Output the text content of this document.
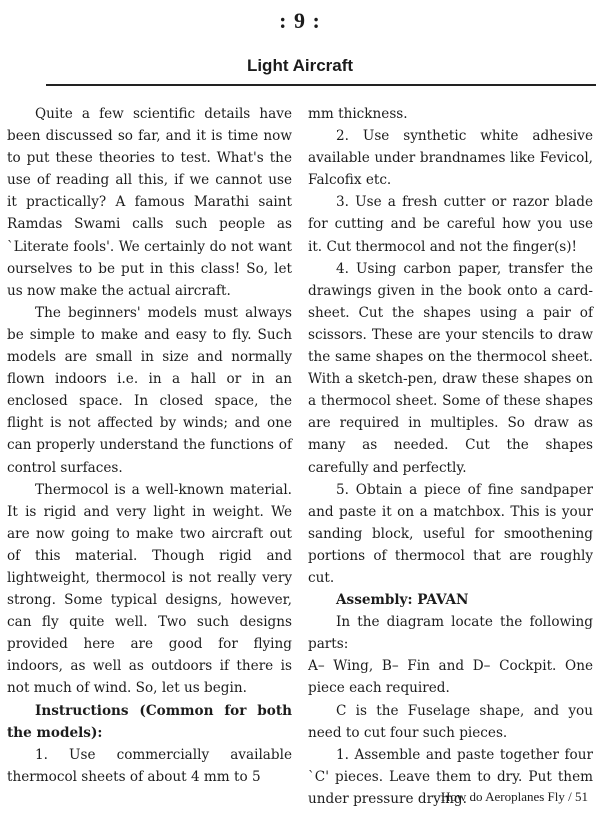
: 9 :
Light Aircraft

Quite a few scientific details have been discussed so far, and it is time now to put these theories to test. What's the use of reading all this, if we cannot use it practically? A famous Marathi saint Ramdas Swami calls such people as `Literate fools'. We certainly do not want ourselves to be put in this class! So, let us now make the actual aircraft.

The beginners' models must always be simple to make and easy to fly. Such models are small in size and normally flown indoors i.e. in a hall or in an enclosed space. In closed space, the flight is not affected by winds; and one can properly understand the functions of control surfaces.

Thermocol is a well-known material. It is rigid and very light in weight. We are now going to make two aircraft out of this material. Though rigid and lightweight, thermocol is not really very strong. Some typical designs, however, can fly quite well. Two such designs provided here are good for flying indoors, as well as outdoors if there is not much of wind. So, let us begin.

Instructions (Common for both the models):

1. Use commercially available thermocol sheets of about 4 mm to 5

mm thickness.

2. Use synthetic white adhesive available under brandnames like Fevicol, Falcofix etc.

3. Use a fresh cutter or razor blade for cutting and be careful how you use it. Cut thermocol and not the finger(s)!

4. Using carbon paper, transfer the drawings given in the book onto a card-sheet. Cut the shapes using a pair of scissors. These are your stencils to draw the same shapes on the thermocol sheet. With a sketch-pen, draw these shapes on a thermocol sheet. Some of these shapes are required in multiples. So draw as many as needed. Cut the shapes carefully and perfectly.

5. Obtain a piece of fine sandpaper and paste it on a matchbox. This is your sanding block, useful for smoothening portions of thermocol that are roughly cut.

Assembly: PAVAN

In the diagram locate the following parts:

A– Wing, B– Fin and D– Cockpit. One piece each required.

C is the Fuselage shape, and you need to cut four such pieces.

1. Assemble and paste together four `C' pieces. Leave them to dry. Put them under pressure drying.

How do Aeroplanes Fly / 51
